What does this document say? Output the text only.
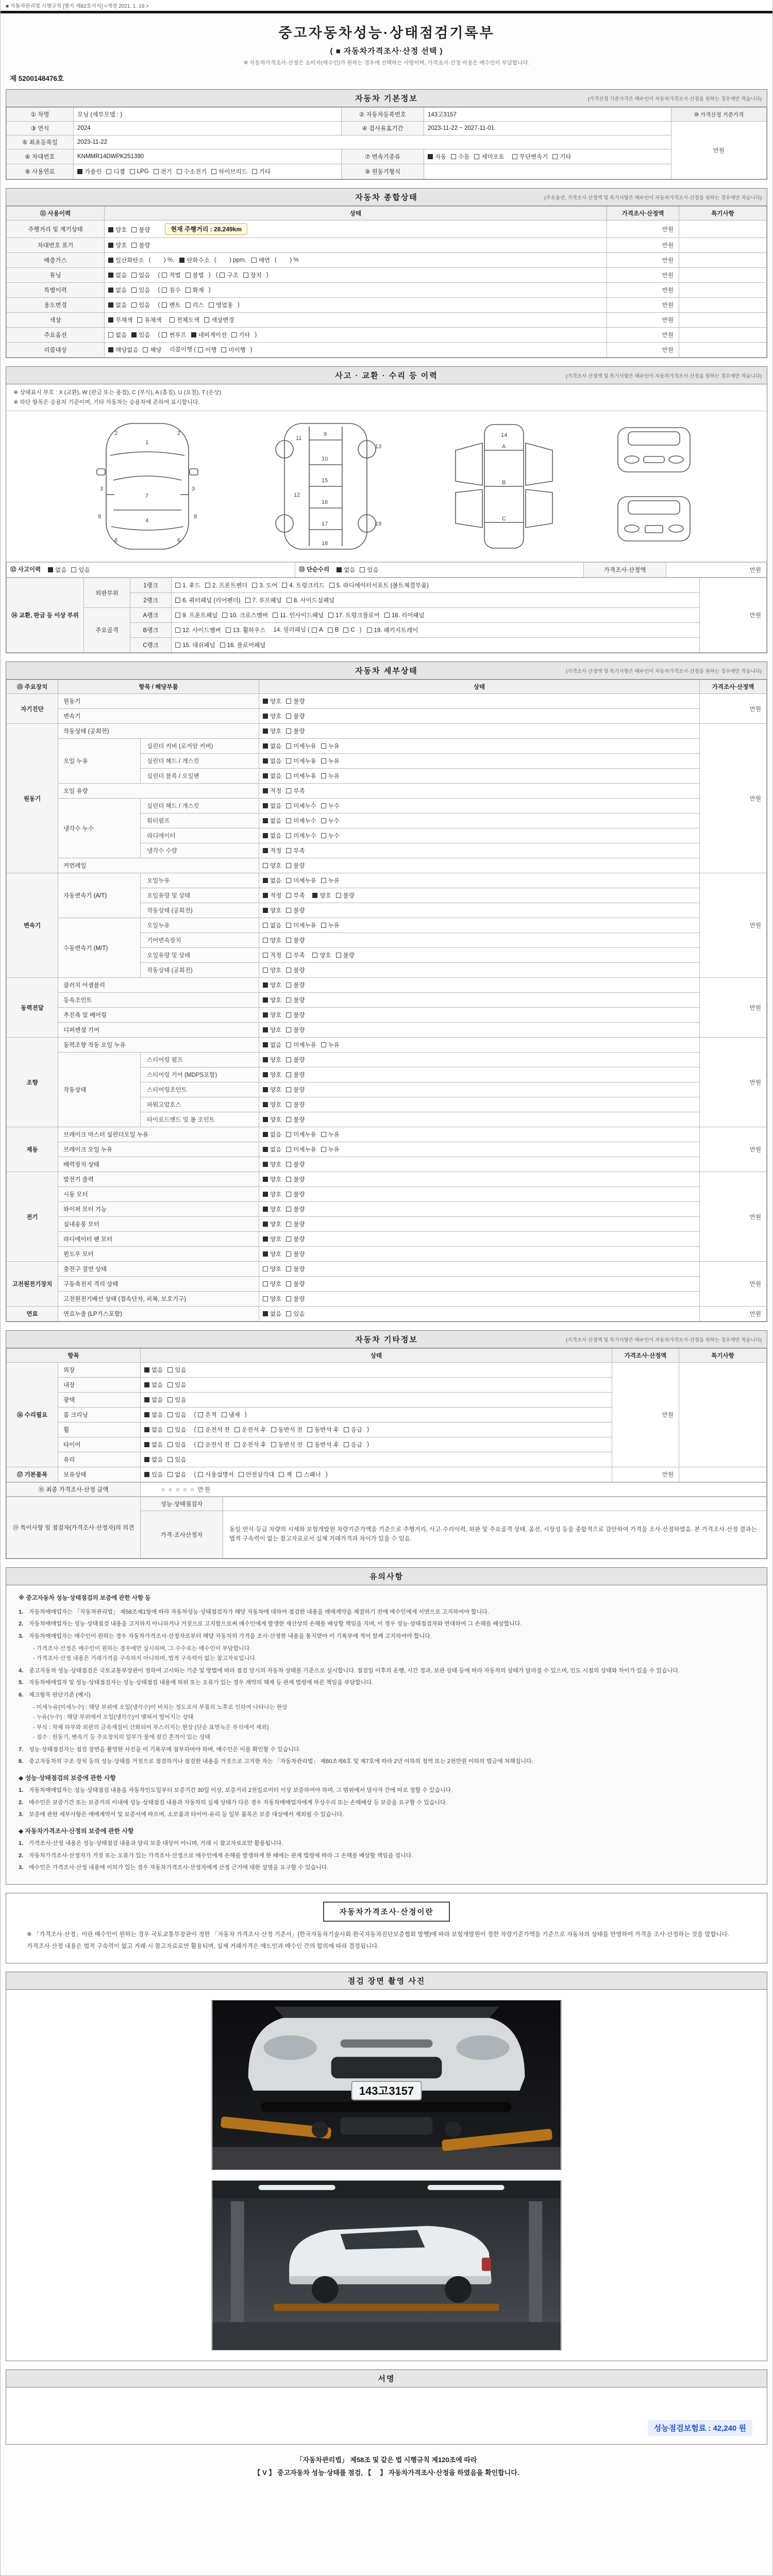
■ 자동차관리법 시행규칙 [별지 제82호서식] <개정 2021. 1. 19.>
중고자동차성능·상태점검기록부
( ■ 자동차가격조사·산정 선택 )
※ 자동차가격조사·산정은 소비자(매수인)가 원하는 경우에 선택하는 사항이며, 가격조사·산정 비용은 매수인이 부담합니다.
제 5200148476호
자동차 기본정보	(가격산정 기준가격은 매수인이 자동차가격조사·산정을 원하는 경우에만 적습니다)
① 차명	모닝 (세부모델 : )	② 자동차등록번호	143고3157	⑩ 가격산정 기준가격
③ 연식	2024	④ 검사유효기간	2023-11-22 ~ 2027-11-01	만원
⑤ 최초등록일	2023-11-22			
⑥ 차대번호	KNMMR14DWPK251390	⑦ 변속기종류	자동 수동 세미오토 무단변속기 기타	

⑧ 사용연료	가솔린 디젤 LPG 전기 수소전기 하이브리드 기타	⑨ 원동기형식	
자동차 종합상태	(주요옵션, 가격조사·산정액 및 특기사항은 매수인이 자동차가격조사·산정을 원하는 경우에만 적습니다)
⑪ 사용이력	상태	가격조사·산정액	특기사항
주행거리 및 계기상태	양호 불량 현재 주행거리 : 28,249km	만원	
차대번호 표기	양호 불량	만원	
배출가스	일산화탄소 (        ) %, 탄화수소 (        ) ppm, 매연 (        ) %	만원	
튜닝	없음 있음 ( 적법 불법 ) ( 구조 장치 )	만원	
특별이력	없음 있음 ( 침수 화재 )	만원	
용도변경	없음 있음 ( 렌트 리스 영업용 )	만원	
색상	무채색 유채색 전체도색 색상변경	만원	
주요옵션	없음 있음 ( 썬루프 네비게이션 기타 )	만원	
리콜대상	해당없음 해당 리콜이행 ( 이행 미이행 )	만원	
사고 · 교환 · 수리 등 이력	(가격조사·산정액 및 특기사항은 매수인이 자동차가격조사·산정을 원하는 경우에만 적습니다)
※ 상태표시 부호 : X (교환), W (판금 또는 용접), C (부식), A (흠집), U (요철), T (손상)
※ 하단 항목은 승용차 기준이며, 기타 자동차는 승용차에 준하여 표시합니다.
1
2	2
3	3
6	6
7
4
8	8
9
10
11
12
13
15
16
17
18
19
14
A
B
C
⑫ 사고이력 없음 있음	⑬ 단순수리 없음 있음	가격조사·산정액	만원
⑭ 교환, 판금 등 이상 부위	외판부위	1랭크	1. 후드 2. 프론트펜더 3. 도어 4. 트렁크리드 5. 라디에이터서포트 (볼트체결부품)	만원
		2랭크	6. 쿼터패널 (리어펜더) 7. 루프패널 8. 사이드실패널	

	주요골격	A랭크	9. 프론트패널 10. 크로스멤버 11. 인사이드패널 17. 트렁크플로어 18. 리어패널	

B랭크	12. 사이드멤버 13. 휠하우스 14. 필러패널 ( A B C ) 19. 패키지트레이

		C랭크	15. 대쉬패널 16. 플로어패널	
자동차 세부상태	(가격조사·산정액 및 특기사항은 매수인이 자동차가격조사·산정을 원하는 경우에만 적습니다)
⑮ 주요장치	항목 / 해당부품		상태	가격조사·산정액
자기진단	원동기		양호 불량	만원
	변속기		양호 불량	

원동기	작동상태 (공회전)		양호 불량	만원
	오일 누유	실린더 커버 (로커암 커버)	없음 미세누유 누유	

		실린더 헤드 / 개스킷	없음 미세누유 누유	

		실린더 블록 / 오일팬	없음 미세누유 누유	

	오일 유량		적정 부족	

	냉각수 누수	실린더 헤드 / 개스킷	없음 미세누수 누수	

		워터펌프	없음 미세누수 누수	

		라디에이터	없음 미세누수 누수	

		냉각수 수량	적정 부족	

	커먼레일		양호 불량	

변속기	자동변속기 (A/T)	오일누유	없음 미세누유 누유	만원
		오일유량 및 상태	적정 부족 양호 불량	

		작동상태 (공회전)	양호 불량	

	수동변속기 (M/T)	오일누유	없음 미세누유 누유	

		기어변속장치	양호 불량	

		오일유량 및 상태	적정 부족 양호 불량	

		작동상태 (공회전)	양호 불량	

동력전달	클러치 어셈블리		양호 불량	만원
	등속조인트		양호 불량	

	추진축 및 베어링		양호 불량	

	디퍼렌셜 기어		양호 불량	

조향	동력조향 작동 오일 누유		없음 미세누유 누유	만원
	작동상태	스티어링 펌프	양호 불량	

		스티어링 기어 (MDPS포함)	양호 불량	

		스티어링조인트	양호 불량	

		파워고압호스	양호 불량	

		타이로드엔드 및 볼 조인트	양호 불량	

제동	브레이크 마스터 실린더오일 누유		없음 미세누유 누유	만원
	브레이크 오일 누유		없음 미세누유 누유	

	배력장치 상태		양호 불량	

전기	발전기 출력		양호 불량	만원
	시동 모터		양호 불량	

	와이퍼 모터 기능		양호 불량	

	실내송풍 모터		양호 불량	

	라디에이터 팬 모터		양호 불량	

	윈도우 모터		양호 불량	

고전원전기장치	충전구 절연 상태		양호 불량	만원
	구동축전지 격리 상태		양호 불량	

	고전원전기배선 상태 (접속단자, 피복, 보호기구)		양호 불량	

연료	연료누출 (LP가스포함)		없음 있음	만원
자동차 기타정보	(가격조사·산정액 및 특기사항은 매수인이 자동차가격조사·산정을 원하는 경우에만 적습니다)
항목		상태	가격조사·산정액	특기사항
⑯ 수리필요	외장	없음 있음	만원	
	내장	없음 있음		

	광택	없음 있음		

룸 크리닝	없음 있음 ( 흔적 냄새 )
휠	없음 있음 ( 운전석 전 운전석 후 동반석 전 동반석 후 응급 )
타이어	없음 있음 ( 운전석 전 운전석 후 동반석 전 동반석 후 응급 )
	유리	없음 있음		

⑰ 기본품목	보유상태	있음 없음 ( 사용설명서 안전삼각대 잭 스패너 )	만원	
⑱ 최종 가격조사·산정 금액	○ ○ ○ ○ ○ 만원
⑲ 특이사항 및 점검자(가격조사·산정자)의 의견	성능·상태점검자	
	가격·조사산정자	동일 연식·등급 차량의 시세와 보험개발원 차량기준가액을 기준으로 주행거리, 사고·수리이력, 외판 및 주요골격 상태, 옵션, 시장성 등을 종합적으로 감안하여 가격을 조사·산정하였음. 본 가격조사·산정 결과는 법적 구속력이 없는 참고자료로서 실제 거래가격과 차이가 있을 수 있음.
유의사항
※ 중고자동차 성능·상태점검의 보증에 관한 사항 등
1. 자동차매매업자는 「자동차관리법」 제58조제1항에 따라 자동차성능·상태점검자가 해당 자동차에 대하여 점검한 내용을 매매계약을 체결하기 전에 매수인에게 서면으로 고지하여야 합니다.
2. 자동차매매업자는 성능·상태점검 내용을 고지하지 아니하거나 거짓으로 고지함으로써 매수인에게 발생한 재산상의 손해를 배상할 책임을 지며, 이 경우 성능·상태점검자와 연대하여 그 손해를 배상합니다.
3. 자동차매매업자는 매수인이 원하는 경우 자동차가격조사·산정자로부터 해당 자동차의 가격을 조사·산정한 내용을 통지받아 이 기록부에 적어 함께 고지하여야 합니다.
- 가격조사·산정은 매수인이 원하는 경우에만 실시하며, 그 수수료는 매수인이 부담합니다.
- 가격조사·산정 내용은 거래가격을 구속하지 아니하며, 법적 구속력이 없는 참고자료입니다.
4. 중고자동차 성능·상태점검은 국토교통부장관이 정하여 고시하는 기준 및 방법에 따라 점검 당시의 자동차 상태를 기준으로 실시합니다. 점검일 이후의 운행, 시간 경과, 보관 상태 등에 따라 자동차의 상태가 달라질 수 있으며, 인도 시점의 상태와 차이가 있을 수 있습니다.
5. 자동차매매업자 및 성능·상태점검자는 성능·상태점검 내용에 허위 또는 오류가 있는 경우 계약의 해제 등 관계 법령에 따른 책임을 부담합니다.
6. 체크항목 판단기준 (예시)
- 미세누유(미세누수) : 해당 부위에 오일(냉각수)이 비치는 정도로서 부품의 노후로 인하여 나타나는 현상
- 누유(누수) : 해당 부위에서 오일(냉각수)이 맺혀서 떨어지는 상태
- 부식 : 차체 하부와 외판의 금속재질이 산화되어 부스러지는 현상 (단순 표면녹은 부식에서 제외)
- 침수 : 원동기, 변속기 등 주요장치의 일부가 물에 잠긴 흔적이 있는 상태
7. 성능·상태점검자는 점검 장면을 촬영한 사진을 이 기록부에 첨부하여야 하며, 매수인은 이를 확인할 수 있습니다.
8. 중고자동차의 구조·장치 등의 성능·상태를 거짓으로 점검하거나 점검한 내용을 거짓으로 고지한 자는 「자동차관리법」 제80조제6호 및 제7호에 따라 2년 이하의 징역 또는 2천만원 이하의 벌금에 처해집니다.
◆ 성능·상태점검의 보증에 관한 사항
1. 자동차매매업자는 성능·상태점검 내용을 자동차인도일부터 보증기간 30일 이상, 보증거리 2천킬로미터 이상 보증하여야 하며, 그 범위에서 당사자 간에 따로 정할 수 있습니다.
2. 매수인은 보증기간 또는 보증거리 이내에 성능·상태점검 내용과 자동차의 실제 상태가 다른 경우 자동차매매업자에게 무상수리 또는 손해배상 등 보증을 요구할 수 있습니다.
3. 보증에 관한 세부사항은 매매계약서 및 보증서에 따르며, 소모품과 타이어·유리 등 일부 품목은 보증 대상에서 제외될 수 있습니다.
◆ 자동차가격조사·산정의 보증에 관한 사항
1. 가격조사·산정 내용은 성능·상태점검 내용과 달리 보증 대상이 아니며, 거래 시 참고자료로만 활용됩니다.
2. 자동차가격조사·산정자가 거짓 또는 오류가 있는 가격조사·산정으로 매수인에게 손해를 발생하게 한 때에는 관계 법령에 따라 그 손해를 배상할 책임을 집니다.
3. 매수인은 가격조사·산정 내용에 이의가 있는 경우 자동차가격조사·산정자에게 산정 근거에 대한 설명을 요구할 수 있습니다.
자동차가격조사·산정이란

※ 「가격조사·산정」이란 매수인이 원하는 경우 국토교통부장관이 정한 「자동차 가격조사·산정 기준서」(한국자동차기술사회·한국자동차진단보증협회 발행)에 따라 보험개발원이 정한 차량기준가액을 기준으로 자동차의 상태를 반영하여 가격을 조사·산정하는 것을 말합니다.

가격조사·산정 내용은 법적 구속력이 없고 거래 시 참고자료로만 활용되며, 실제 거래가격은 매도인과 매수인 간의 합의에 따라 결정됩니다.

점검 장면 촬영 사진
143고3157
서명
성능점검보험료 : 42,240 원
「자동차관리법」 제58조 및 같은 법 시행규칙 제120조에 따라
【 V 】 중고자동차 성능·상태를 점검, 【　 】 자동차가격조사·산정을 하였음을 확인합니다.
